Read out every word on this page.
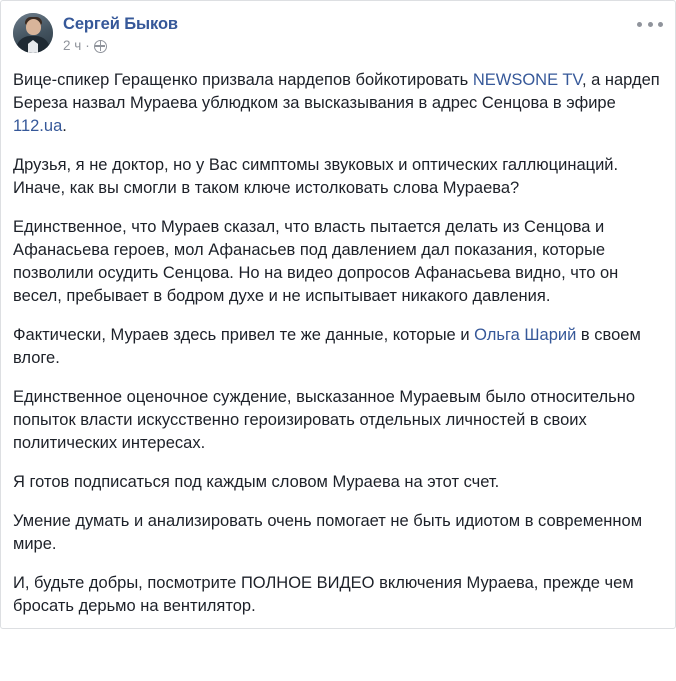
Сергей Быков
2 ч ·

Вице-спикер Геращенко призвала нардепов бойкотировать NEWSONE TV, а нардеп Береза назвал Мураева ублюдком за высказывания в адрес Сенцова в эфире 112.ua.

Друзья, я не доктор, но у Вас симптомы звуковых и оптических галлюцинаций. Иначе, как вы смогли в таком ключе истолковать слова Мураева?

Единственное, что Мураев сказал, что власть пытается делать из Сенцова и Афанасьева героев, мол Афанасьев под давлением дал показания, которые позволили осудить Сенцова. Но на видео допросов Афанасьева видно, что он весел, пребывает в бодром духе и не испытывает никакого давления.

Фактически, Мураев здесь привел те же данные, которые и Ольга Шарий в своем влоге.

Единственное оценочное суждение, высказанное Мураевым было относительно попыток власти искусственно героизировать отдельных личностей в своих политических интересах.

Я готов подписаться под каждым словом Мураева на этот счет.

Умение думать и анализировать очень помогает не быть идиотом в современном мире.

И, будьте добры, посмотрите ПОЛНОЕ ВИДЕО включения Мураева, прежде чем бросать дерьмо на вентилятор.
